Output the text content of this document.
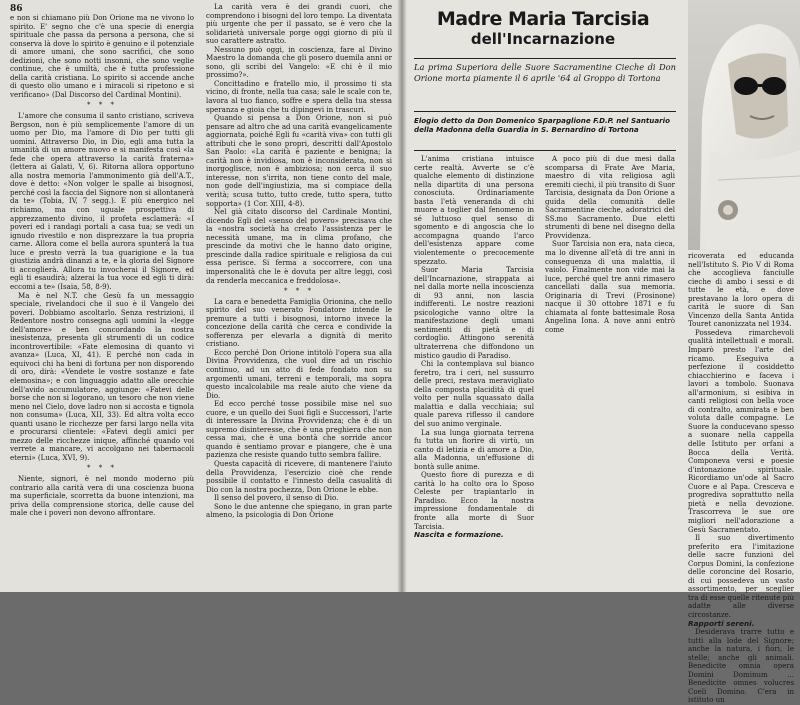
86

e non si chiamano più Don Orione ma ne vivono lo spirito. E' segno che c'è una specie di energia spirituale che passa da persona a persona, che si conserva là dove lo spirito è genuino e il potenziale di amore umani, che sono sacrifici, che sono dedizioni, che sono notti insonni, che sono veglie continue, che è umiltà, che è tutta professione della carità cristiana. Lo spirito si accende anche di questo olio umano e i miracoli si ripetono e si verificano» (Dal Discorso del Cardinal Montini).

* * *

L'amore che consuma il santo cristiano, scriveva Bergson, non è più semplicemente l'amore di un uomo per Dio, ma l'amore di Dio per tutti gli uomini. Attraverso Dio, in Dio, egli ama tutta la umanità di un amore nuovo e si manifesta così «la fede che opera attraverso la carità fraterna» (lettera ai Galati, V, 6). Ritorna allora opportuno alla nostra memoria l'ammonimento già dell'A.T., dove è detto: «Non volger le spalle ai bisognosi, perché così la faccia del Signore non si allontanerà da te» (Tobia, IV, 7 segg.). E più energico nel richiamo, ma con uguale prospettiva di apprezzamento divino, il profeta esclamerà: «I poveri ed i randagi portali a casa tua; se vedi un ignudo rivestilo e non disprezzare la tua propria carne. Allora come el bella aurora spunterà la tua luce e presto verrà la tua guarigione e la tua giustizia andrà dinanzi a te, e la gloria del Signore ti accoglierà. Allora tu invocherai il Signore, ed egli ti esaudirà; alzerai la tua voce ed egli ti dirà: eccomi a te» (Isaia, 58, 8-9).

Ma è nel N.T. che Gesù fa un messaggio speciale, rivelandoci che il suo è il Vangelo dei poveri. Dobbiamo ascoltarlo. Senza restrizioni, il Redentore nostro consegna agli uomini la «legge dell'amore» e ben concordando la nostra inesistenza, presenta gli strumenti di un codice incontrovertibile: «Fate elemosina di quanto vi avanza» (Luca, XI, 41). E perché non cada in equivoci chi ha beni di fortuna per non disporendo di oro, dirà: «Vendete le vostre sostanze e fate elemosina»; e con linguaggio adatto alle orecchie dell'avido accumulatore, aggiunge: «Fatevi delle borse che non si logorano, un tesoro che non viene meno nel Cielo, dove ladro non si accosta e tignola non consuma» (Luca, XII, 33). Ed altra volta ecco quanti usano le ricchezze per farsi largo nella vita e procurarsi clientele: «Fatevi degli amici per mezzo delle ricchezze inique, affinché quando voi verrete a mancare, vi accolgano nei tabernacoli eterni» (Luca, XVI, 9).

* * *

Niente, signori, è nel mondo moderno più contrario alla carità vera di una coscienza buona ma superficiale, scorretta da buone intenzioni, ma priva della comprensione storica, delle cause del male che i poveri non devono affrontare.

La carità vera è dei grandi cuori, che comprendono i bisogni del loro tempo. La diventata più urgente che per il passato, se è vero che la solidarietà universale porge oggi giorno di più il suo carattere astratto.

Nessuno può oggi, in coscienza, fare al Divino Maestro la domanda che gli posero duemila anni or sono, gli scribi del Vangelo: «E chi è il mio prossimo?».

Concittadino e fratello mio, il prossimo ti sta vicino, di fronte, nella tua casa; sale le scale con te, lavora al tuo fianco, soffre e spera della tua stessa speranza e gioia che tu dipingevi in trascuri.

Quando si pensa a Don Orione, non si può pensare ad altro che ad una carità evangelicamente aggiornata, poiché Egli fu «carità viva» con tutti gli attributi che le sono propri, descritti dall'Apostolo San Paolo: «La carità è paziente e benigna; la carità non è invidiosa, non è inconsiderata, non si inorgoglisce, non è ambiziosa; non cerca il suo interesse, non s'irrita, non tiene conto del male, non gode dell'ingiustizia, ma si compiace della verità; scusa tutto, tutto crede, tutto spera, tutto sopporta» (1 Cor. XIII, 4-8).

Nel già citato discorso del Cardinale Montini, dicendo Egli del «senso del povero» precisava che la «nostra società ha creato l'assistenza per le necessità umane, ma in clima profano, che prescinde da motivi che le hanno dato origine, prescinde dalla radice spirituale e religiosa da cui essa perisce. Si ferma a soccorrere, con una impersonalità che le è dovuta per altre leggi, così da renderla meccanica e freddolosa».

* * *

La cara e benedetta Famiglia Orionina, che nello spirito del suo venerato Fondatore intende le premure a tutti i bisognosi, intorno invece la concezione della carità che cerca e condivide la sofferenza per elevarla a dignità di merito cristiano.

Ecco perché Don Orione intitolò l'opera sua alla Divina Provvidenza, che vuol dire ad un rischio continuo, ad un atto di fede fondato non su argomenti umani, terreni e temporali, ma sopra questo incalcolabile ma reale aiuto che viene da Dio.

Ed ecco perché tosse possibile mise nel suo cuore, e un quello dei Suoi figli e Successori, l'arte di interessare la Divina Provvidenza; che è di un supremo disinteresse, che è una preghiera che non cessa mai, che è una bontà che sorride ancor quando è sentiamo provar e piangere, che è una pazienza che resiste quando tutto sembra fallire.

Questa capacità di ricevere, di mantenere l'aiuto della Provvidenza, l'esercizio cioè che rende possibile il contatto e l'innesto della casualità di Dio con la nostra pochezza, Don Orione le ebbe.

Il senso del povero, il senso di Dio.

Sono le due antenne che spiegano, in gran parte almeno, la psicologia di Don Orione

Madre Maria Tarcisia
dell'Incarnazione
La prima Superiora delle Suore Sacramentine Cieche di Don Orione morta piamente il 6 aprile '64 al Groppo di Tortona
Elogio detto da Don Domenico Sparpaglione F.D.P. nel Santuario della Madonna della Guardia in S. Bernardino di Tortona

L'anima cristiana intuisce certe realtà. Avverte se c'è qualche elemento di distinzione nella dipartita di una persona conosciuta. Ordinariamente basta l'età veneranda di chi muore a toglier dal fenomeno in sé luttuoso quel senso di sgomento e di angoscia che lo accompagna quando l'arco dell'esistenza appare come violentemente o precocemente spezzato.

Suor Maria Tarcisia dell'Incarnazione, strappata ai nel dalla morte nella incoscienza di 93 anni, non lascia indifferenti. Le nostre reazioni psicologiche vanno oltre la manifestazione degli umani sentimenti di pietà e di cordoglio. Attingono serenità ultraterrena che diffondono un mistico gaudio di Paradiso.

Chi la contemplava sul bianco feretro, tra i ceri, nel sussurro delle preci, restava meravigliato della composta placidità di quel volto per nulla squassato dalla malattia e dalla vecchiaia; sul quale pareva riflesso il candore del suo animo verginale.

La sua lunga giornata terrena fu tutta un fiorire di virtù, un canto di letizia e di amore a Dio, alla Madonna, un'effusione di bontà sulle anime.

Questo fiore di purezza e di carità lo ha colto ora lo Sposo Celeste per trapiantarlo in Paradiso. Ecco la nostra impressione fondamentale di fronte alla morte di Suor Tarcisia.

Nascita e formazione.

A poco più di due mesi dalla scomparsa di Frate Ave Maria, maestro di vita religiosa agli eremiti ciechi, il più transito di Suor Tarcisia, designata da Don Orione a guida della comunità delle Sacramentine cieche, adoratrici del SS.mo Sacramento. Due eletti strumenti di bene nel disegno della Provvidenza.

Suor Tarcisia non era, nata cieca, ma lo divenne all'età di tre anni in conseguenza di una malattia, il vaiolo. Finalmente non vide mai la luce, perché quel tre anni rimasero cancellati dalla sua memoria. Originaria di Trevi (Frosinone) nacque il 30 ottobre 1871 e fu chiamata al fonte battesimale Rosa Angelina Iona. A nove anni entrò come

ricoverata ed educanda nell'Istituto S. Pio V di Roma che accoglieva fanciulle cieche di ambo i sessi e di tutte le età, e dove prestavano la loro opera di carità le suore di San Vincenzo della Santa Antida Touret canonizzata nel 1934.

Possedeva rimarchevoli qualità intellettuali e morali. Imparò presto l'arte del ricamo. Eseguiva a perfezione il cosiddetto chiacchierino e faceva i lavori a tombolo. Suonava all'armonium, si esibiva in canti religiosi con bella voce di contralto, ammirata e ben voluta dalle compagne. Le Suore la conducevano spesso a suonare nella cappella delle Istituto per orfani a Bocca della Verità. Componeva versi e poesie d'intonazione spirituale. Ricordiamo un'ode al Sacro Cuore e al Papa. Cresceva e progrediva soprattutto nella pietà e nella devozione. Trascorreva le sue ore migliori nell'adorazione a Gesù Sacramentato.

Il suo divertimento preferito era l'imitazione delle sacre funzioni del Corpus Domini, la confezione delle coroncine del Rosario, di cui possedeva un vasto assortimento, per sceglier tra di esse quelle ritenute più adatte alle diverse circostanze.

Rapporti sereni.

Desiderava trarre tutto e tutti alla lode del Signore; anche la natura, i fiori, le stelle; anche gli animali. Benedicite omnia opera Domini Dominum ... Benedicite omnes volucres Coeli Domino. C'era in istituto un
